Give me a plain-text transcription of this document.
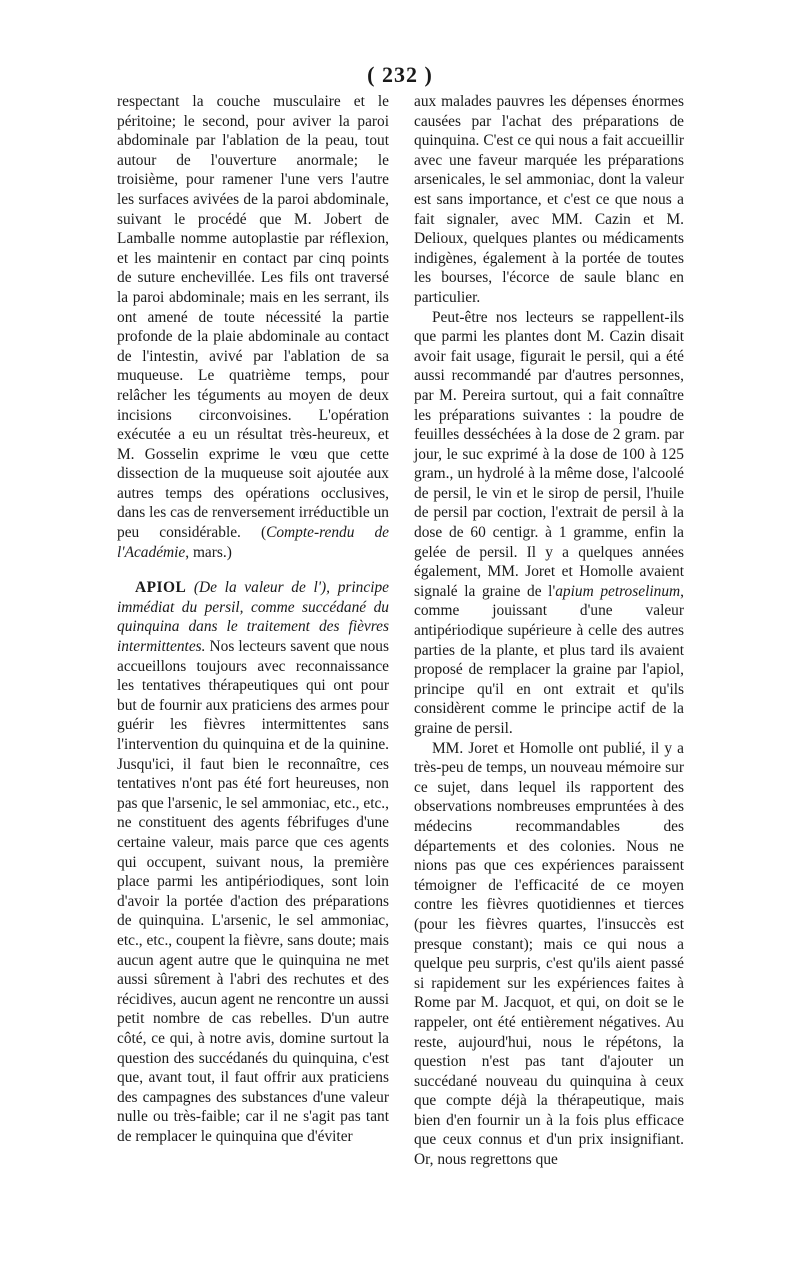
( 232 )

respectant la couche musculaire et le péritoine; le second, pour aviver la paroi abdominale par l'ablation de la peau, tout autour de l'ouverture anormale; le troisième, pour ramener l'une vers l'autre les surfaces avivées de la paroi abdominale, suivant le procédé que M. Jobert de Lamballe nomme autoplastie par réflexion, et les maintenir en contact par cinq points de suture enchevillée. Les fils ont traversé la paroi abdominale; mais en les serrant, ils ont amené de toute nécessité la partie profonde de la plaie abdominale au contact de l'intestin, avivé par l'ablation de sa muqueuse. Le quatrième temps, pour relâcher les téguments au moyen de deux incisions circonvoisines. L'opération exécutée a eu un résultat très-heureux, et M. Gosselin exprime le vœu que cette dissection de la muqueuse soit ajoutée aux autres temps des opérations occlusives, dans les cas de renversement irréductible un peu considérable. (Compte-rendu de l'Académie, mars.)

APIOL (De la valeur de l'), principe immédiat du persil, comme succédané du quinquina dans le traitement des fièvres intermittentes. Nos lecteurs savent que nous accueillons toujours avec reconnaissance les tentatives thérapeutiques qui ont pour but de fournir aux praticiens des armes pour guérir les fièvres intermittentes sans l'intervention du quinquina et de la quinine. Jusqu'ici, il faut bien le reconnaître, ces tentatives n'ont pas été fort heureuses, non pas que l'arsenic, le sel ammoniac, etc., etc., ne constituent des agents fébrifuges d'une certaine valeur, mais parce que ces agents qui occupent, suivant nous, la première place parmi les antipériodiques, sont loin d'avoir la portée d'action des préparations de quinquina. L'arsenic, le sel ammoniac, etc., etc., coupent la fièvre, sans doute; mais aucun agent autre que le quinquina ne met aussi sûrement à l'abri des rechutes et des récidives, aucun agent ne rencontre un aussi petit nombre de cas rebelles. D'un autre côté, ce qui, à notre avis, domine surtout la question des succédanés du quinquina, c'est que, avant tout, il faut offrir aux praticiens des campagnes des substances d'une valeur nulle ou très-faible; car il ne s'agit pas tant de remplacer le quinquina que d'éviter

aux malades pauvres les dépenses énormes causées par l'achat des préparations de quinquina. C'est ce qui nous a fait accueillir avec une faveur marquée les préparations arsenicales, le sel ammoniac, dont la valeur est sans importance, et c'est ce que nous a fait signaler, avec MM. Cazin et M. Delioux, quelques plantes ou médicaments indigènes, également à la portée de toutes les bourses, l'écorce de saule blanc en particulier.

Peut-être nos lecteurs se rappellent-ils que parmi les plantes dont M. Cazin disait avoir fait usage, figurait le persil, qui a été aussi recommandé par d'autres personnes, par M. Pereira surtout, qui a fait connaître les préparations suivantes : la poudre de feuilles desséchées à la dose de 2 gram. par jour, le suc exprimé à la dose de 100 à 125 gram., un hydrolé à la même dose, l'alcoolé de persil, le vin et le sirop de persil, l'huile de persil par coction, l'extrait de persil à la dose de 60 centigr. à 1 gramme, enfin la gelée de persil. Il y a quelques années également, MM. Joret et Homolle avaient signalé la graine de l'apium petroselinum, comme jouissant d'une valeur antipériodique supérieure à celle des autres parties de la plante, et plus tard ils avaient proposé de remplacer la graine par l'apiol, principe qu'il en ont extrait et qu'ils considèrent comme le principe actif de la graine de persil.

MM. Joret et Homolle ont publié, il y a très-peu de temps, un nouveau mémoire sur ce sujet, dans lequel ils rapportent des observations nombreuses empruntées à des médecins recommandables des départements et des colonies. Nous ne nions pas que ces expériences paraissent témoigner de l'efficacité de ce moyen contre les fièvres quotidiennes et tierces (pour les fièvres quartes, l'insuccès est presque constant); mais ce qui nous a quelque peu surpris, c'est qu'ils aient passé si rapidement sur les expériences faites à Rome par M. Jacquot, et qui, on doit se le rappeler, ont été entièrement négatives. Au reste, aujourd'hui, nous le répétons, la question n'est pas tant d'ajouter un succédané nouveau du quinquina à ceux que compte déjà la thérapeutique, mais bien d'en fournir un à la fois plus efficace que ceux connus et d'un prix insignifiant. Or, nous regrettons que
